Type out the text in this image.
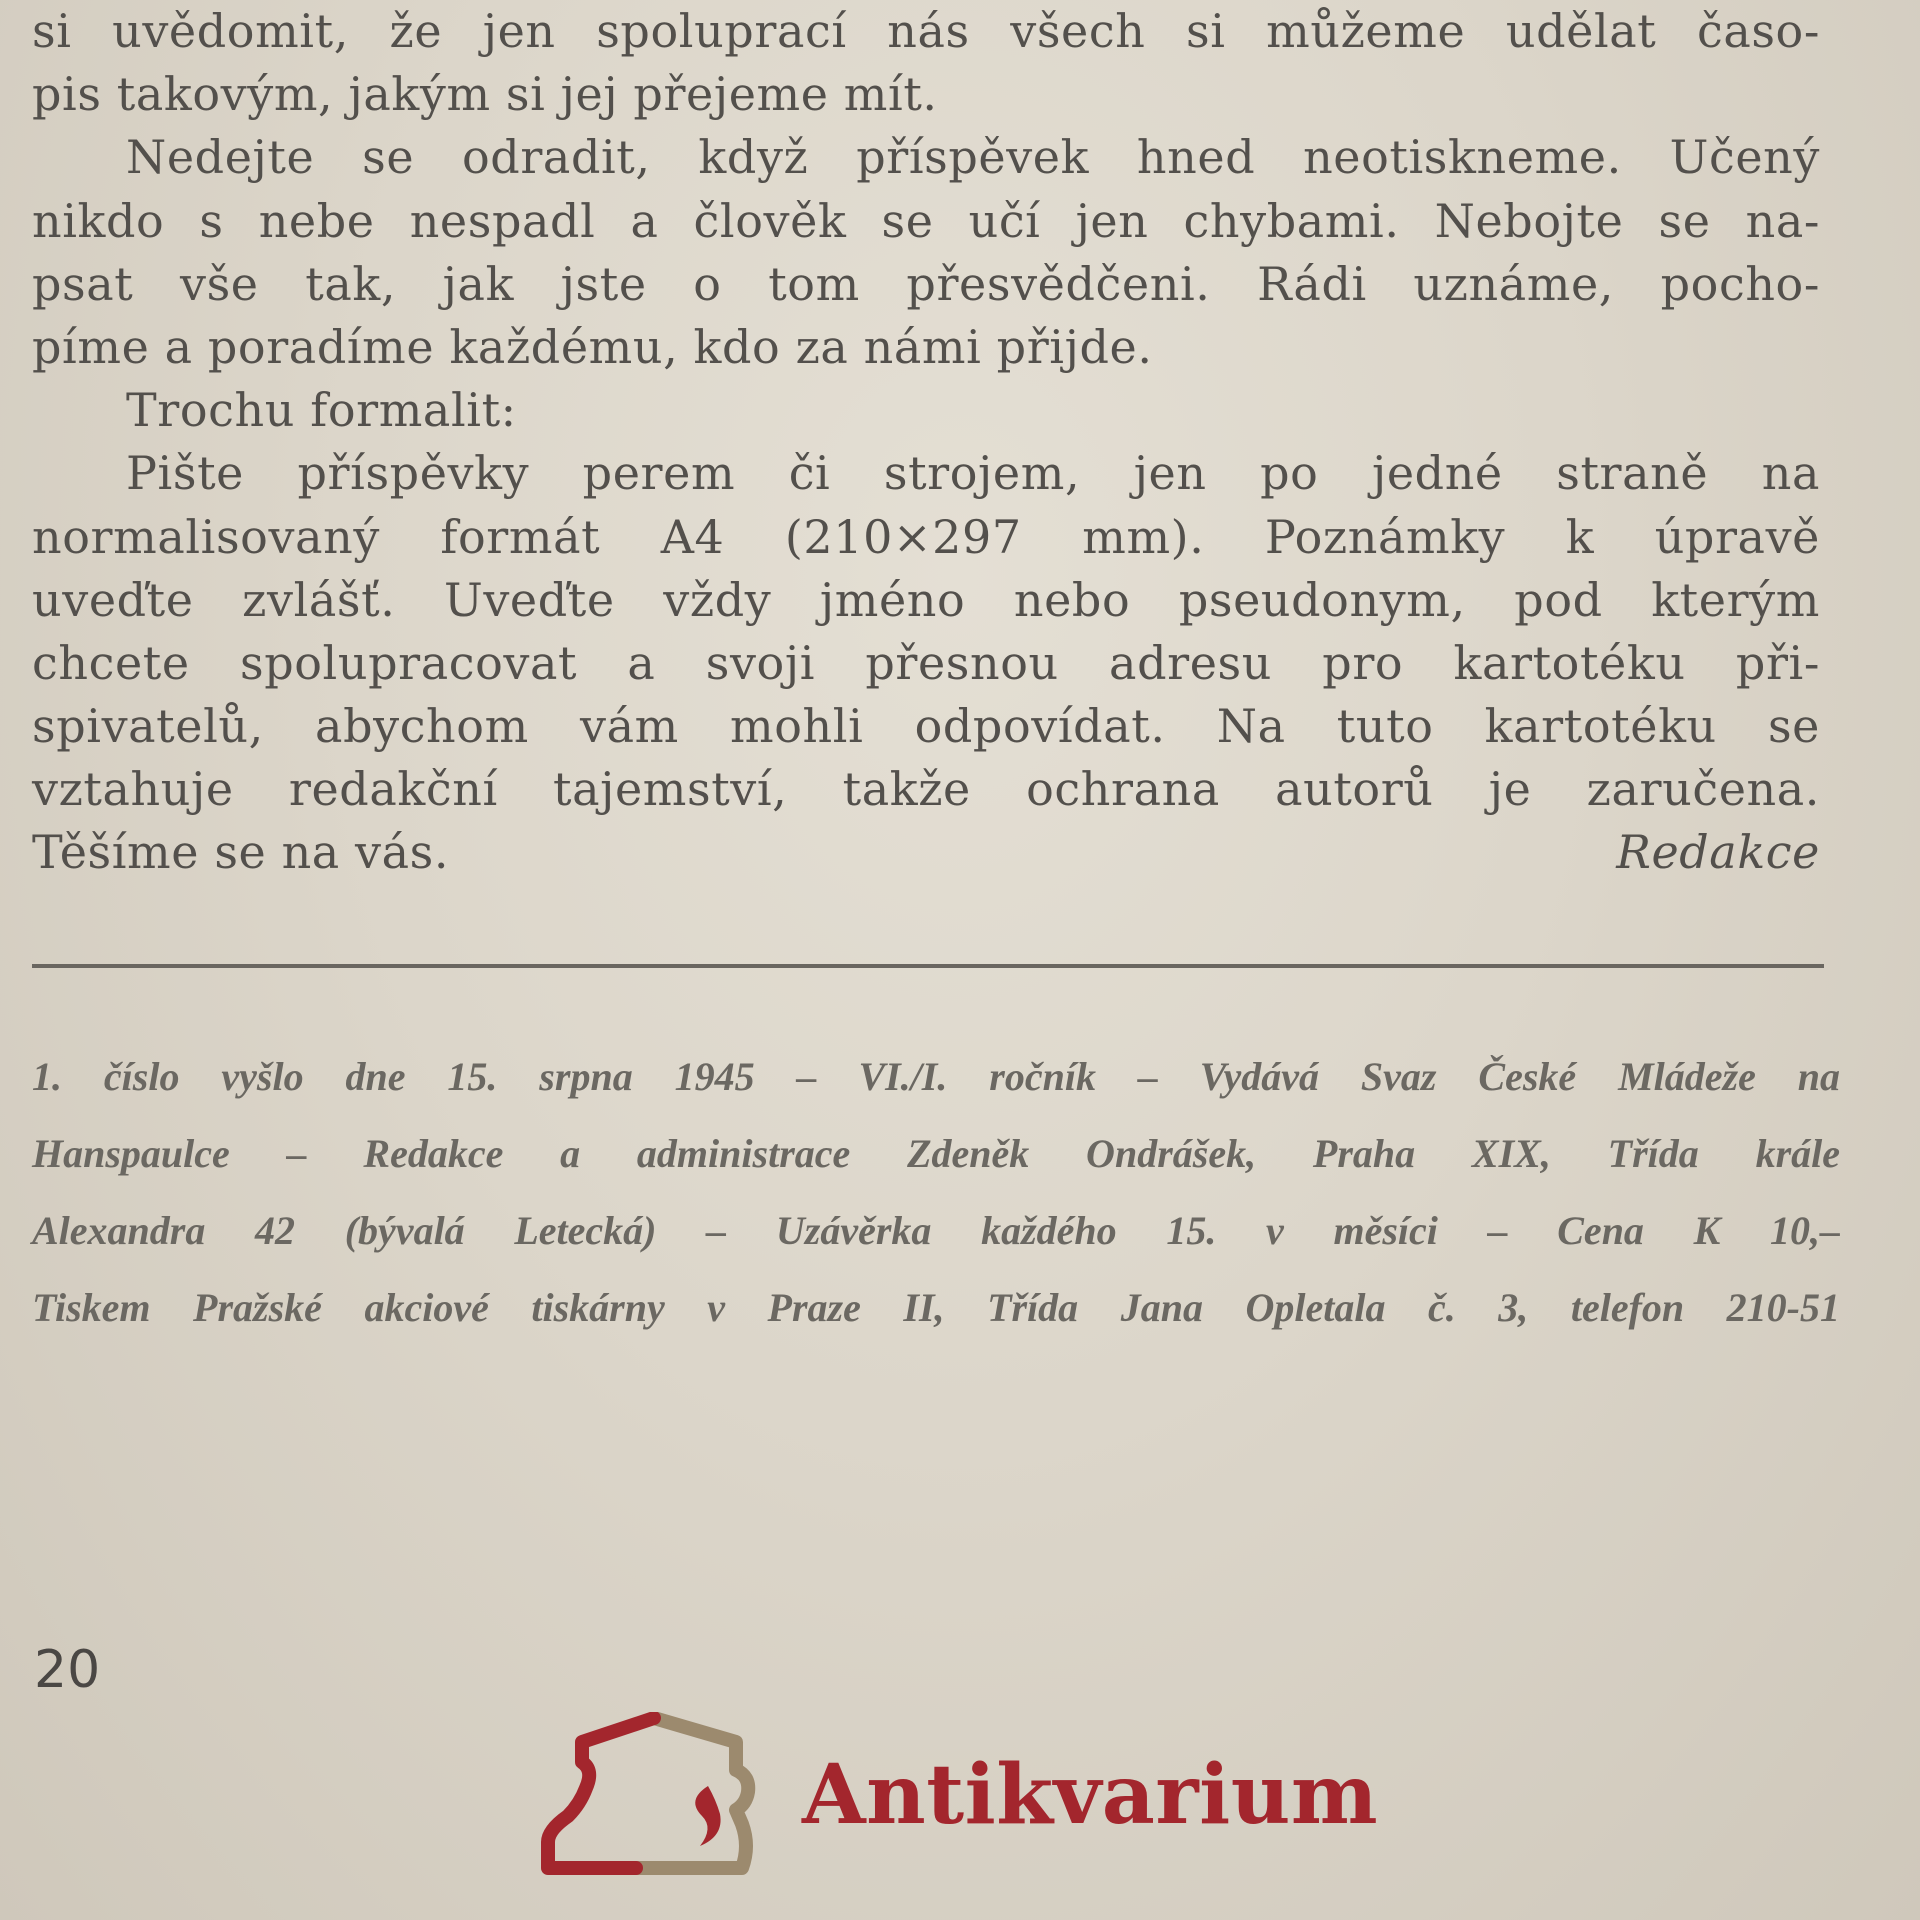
si uvědomit, že jen spoluprací nás všech si můžeme udělat časo-
pis takovým, jakým si jej přejeme mít.
Nedejte se odradit, když příspěvek hned neotiskneme. Učený
nikdo s nebe nespadl a člověk se učí jen chybami. Nebojte se na-
psat vše tak, jak jste o tom přesvědčeni. Rádi uznáme, pocho-
píme a poradíme každému, kdo za námi přijde.
Trochu formalit:
Pište příspěvky perem či strojem, jen po jedné straně na
normalisovaný formát A4 (210×297 mm). Poznámky k úpravě
uveďte zvlášť. Uveďte vždy jméno nebo pseudonym, pod kterým
chcete spolupracovat a svoji přesnou adresu pro kartotéku při-
spivatelů, abychom vám mohli odpovídat. Na tuto kartotéku se
vztahuje redakční tajemství, takže ochrana autorů je zaručena.
Těšíme se na vás.	Redakce
1. číslo vyšlo dne 15. srpna 1945 – VI./I. ročník – Vydává Svaz České Mládeže na
Hanspaulce – Redakce a administrace Zdeněk Ondrášek, Praha XIX, Třída krále
Alexandra 42 (bývalá Letecká) – Uzávěrka každého 15. v měsíci – Cena K 10,–
Tiskem Pražské akciové tiskárny v Praze II, Třída Jana Opletala č. 3, telefon 210-51
20
Antikvarium
